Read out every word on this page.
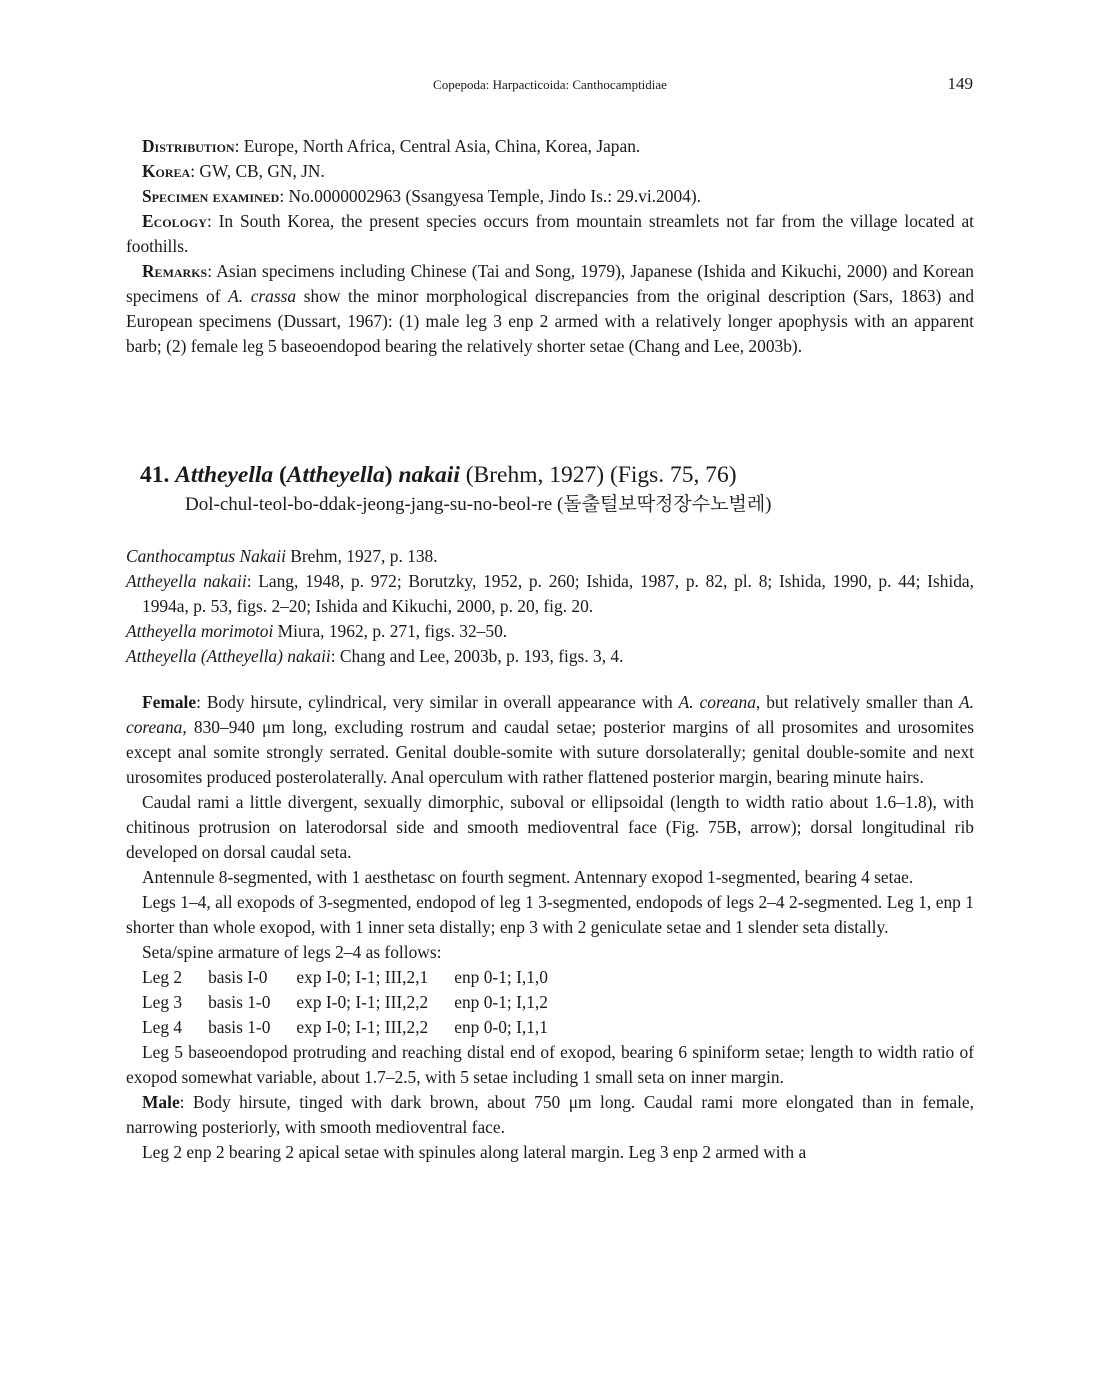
Copepoda: Harpacticoida: Canthocamptidiae	149

Distribution: Europe, North Africa, Central Asia, China, Korea, Japan.

Korea: GW, CB, GN, JN.

Specimen examined: No.0000002963 (Ssangyesa Temple, Jindo Is.: 29.vi.2004).

Ecology: In South Korea, the present species occurs from mountain streamlets not far from the village located at foothills.

Remarks: Asian specimens including Chinese (Tai and Song, 1979), Japanese (Ishida and Kikuchi, 2000) and Korean specimens of A. crassa show the minor morphological discrepancies from the original description (Sars, 1863) and European specimens (Dussart, 1967): (1) male leg 3 enp 2 armed with a relatively longer apophysis with an apparent barb; (2) female leg 5 baseoendopod bearing the relatively shorter setae (Chang and Lee, 2003b).

41. Attheyella (Attheyella) nakaii (Brehm, 1927) (Figs. 75, 76)
Dol-chul-teol-bo-ddak-jeong-jang-su-no-beol-re (돌출털보딱정장수노벌레)

Canthocamptus Nakaii Brehm, 1927, p. 138.

Attheyella nakaii: Lang, 1948, p. 972; Borutzky, 1952, p. 260; Ishida, 1987, p. 82, pl. 8; Ishida, 1990, p. 44; Ishida, 1994a, p. 53, figs. 2–20; Ishida and Kikuchi, 2000, p. 20, fig. 20.

Attheyella morimotoi Miura, 1962, p. 271, figs. 32–50.

Attheyella (Attheyella) nakaii: Chang and Lee, 2003b, p. 193, figs. 3, 4.

Female: Body hirsute, cylindrical, very similar in overall appearance with A. coreana, but relatively smaller than A. coreana, 830–940 μm long, excluding rostrum and caudal setae; posterior margins of all prosomites and urosomites except anal somite strongly serrated. Genital double-somite with suture dorsolaterally; genital double-somite and next urosomites produced posterolaterally. Anal operculum with rather flattened posterior margin, bearing minute hairs.

Caudal rami a little divergent, sexually dimorphic, suboval or ellipsoidal (length to width ratio about 1.6–1.8), with chitinous protrusion on laterodorsal side and smooth medioventral face (Fig. 75B, arrow); dorsal longitudinal rib developed on dorsal caudal seta.

Antennule 8-segmented, with 1 aesthetasc on fourth segment. Antennary exopod 1-segmented, bearing 4 setae.

Legs 1–4, all exopods of 3-segmented, endopod of leg 1 3-segmented, endopods of legs 2–4 2-segmented. Leg 1, enp 1 shorter than whole exopod, with 1 inner seta distally; enp 3 with 2 geniculate setae and 1 slender seta distally.

Seta/spine armature of legs 2–4 as follows:

Leg 2	basis I-0	exp I-0; I-1; III,2,1	enp 0-1; I,1,0
Leg 3	basis 1-0	exp I-0; I-1; III,2,2	enp 0-1; I,1,2
Leg 4	basis 1-0	exp I-0; I-1; III,2,2	enp 0-0; I,1,1

Leg 5 baseoendopod protruding and reaching distal end of exopod, bearing 6 spiniform setae; length to width ratio of exopod somewhat variable, about 1.7–2.5, with 5 setae including 1 small seta on inner margin.

Male: Body hirsute, tinged with dark brown, about 750 μm long. Caudal rami more elongated than in female, narrowing posteriorly, with smooth medioventral face.

Leg 2 enp 2 bearing 2 apical setae with spinules along lateral margin. Leg 3 enp 2 armed with a
